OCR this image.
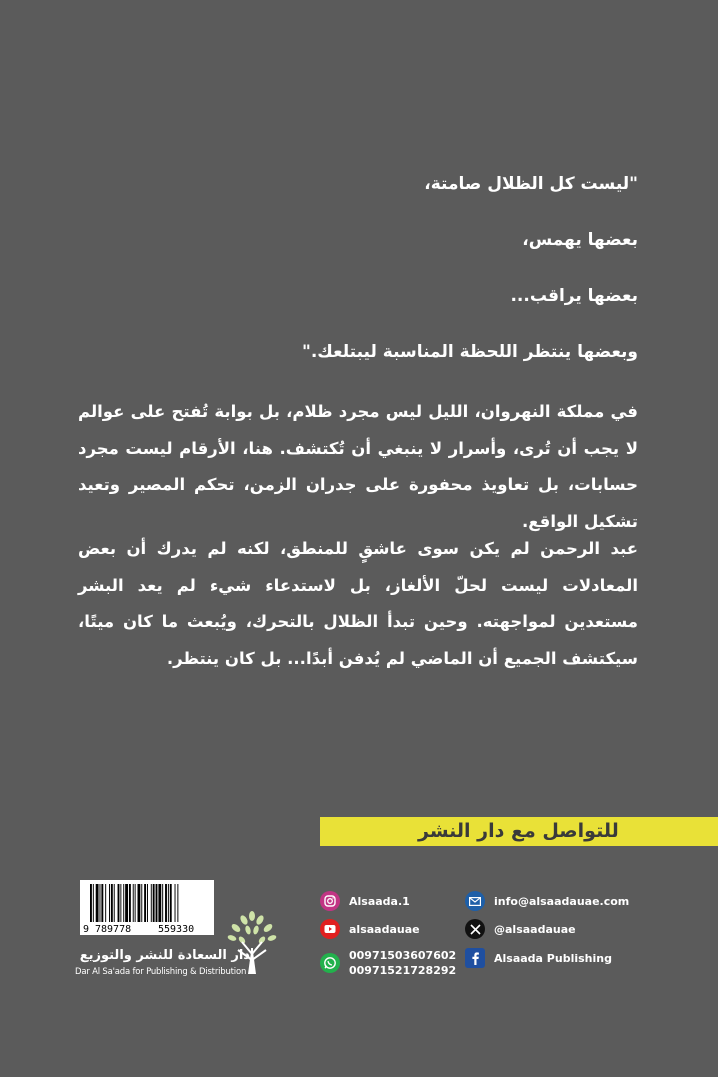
"ليست كل الظلال صامتة،

بعضها يهمس،

بعضها يراقب...

وبعضها ينتظر اللحظة المناسبة ليبتلعك."

في مملكة النهروان، الليل ليس مجرد ظلام، بل بوابة تُفتح على عوالم لا يجب أن تُرى، وأسرار لا ينبغي أن تُكتشف. هنا، الأرقام ليست مجرد حسابات، بل تعاويذ محفورة على جدران الزمن، تحكم المصير وتعيد تشكيل الواقع.

عبد الرحمن لم يكن سوى عاشقٍ للمنطق، لكنه لم يدرك أن بعض المعادلات ليست لحلّ الألغاز، بل لاستدعاء شيء لم يعد البشر مستعدين لمواجهته. وحين تبدأ الظلال بالتحرك، ويُبعث ما كان ميتًا، سيكتشف الجميع أن الماضي لم يُدفن أبدًا... بل كان ينتظر.

للتواصل مع دار النشر
9 789778	559330
دار السعادة للنشر والتوزيع
Dar Al Sa'ada for Publishing & Distribution
Alsaada.1
alsaadauae
00971503607602
00971521728292
info@alsaadauae.com
@alsaadauae
Alsaada Publishing
